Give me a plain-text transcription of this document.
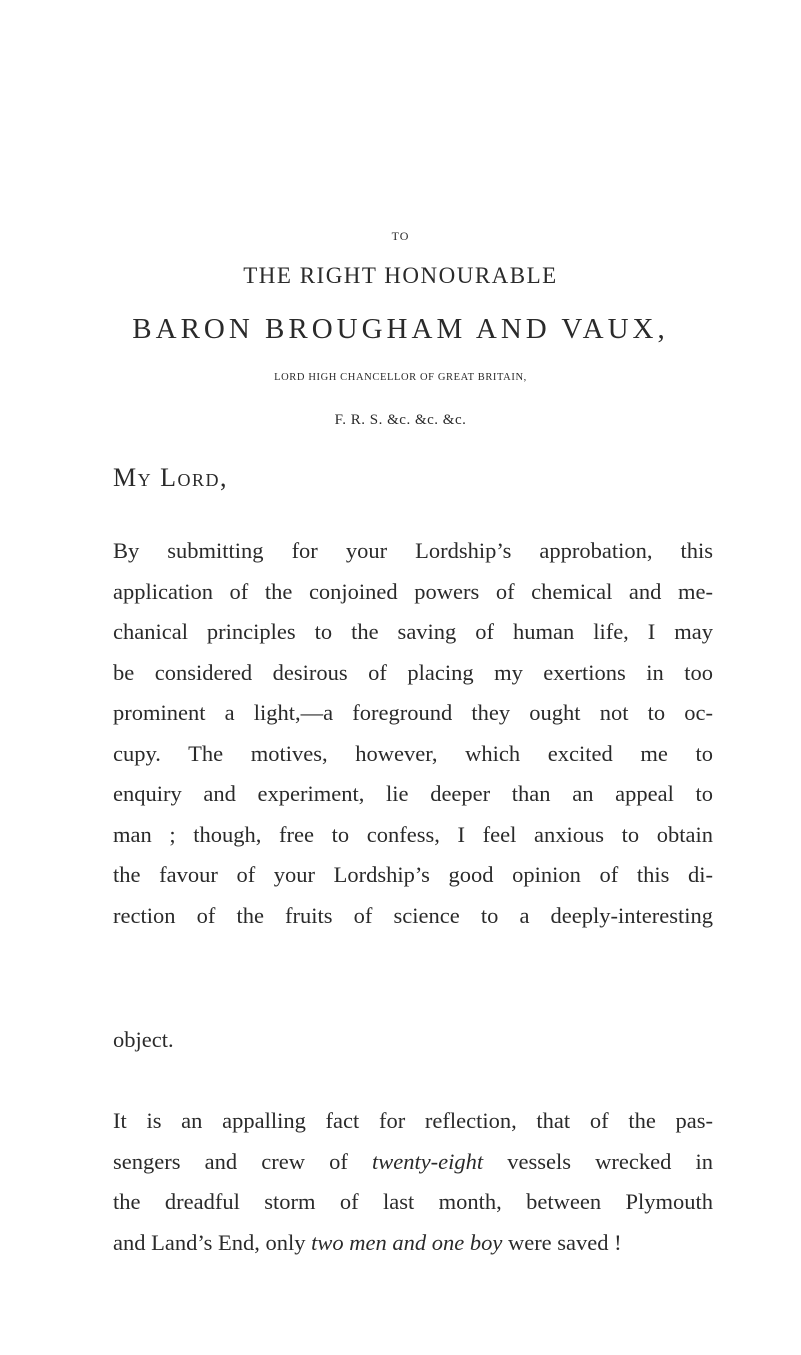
TO
THE RIGHT HONOURABLE
BARON BROUGHAM AND VAUX,
LORD HIGH CHANCELLOR OF GREAT BRITAIN,
F. R. S. &c. &c. &c.
My Lord,
By submitting for your Lordship’s approbation, this
application of the conjoined powers of chemical and me-
chanical principles to the saving of human life, I may
be considered desirous of placing my exertions in too
prominent a light,—a foreground they ought not to oc-
cupy. The motives, however, which excited me to
enquiry and experiment, lie deeper than an appeal to
man ; though, free to confess, I feel anxious to obtain
the favour of your Lordship’s good opinion of this di-
rection of the fruits of science to a deeply-interesting
object.
It is an appalling fact for reflection, that of the pas-
sengers and crew of twenty-eight vessels wrecked in
the dreadful storm of last month, between Plymouth
and Land’s End, only two men and one boy were saved !
